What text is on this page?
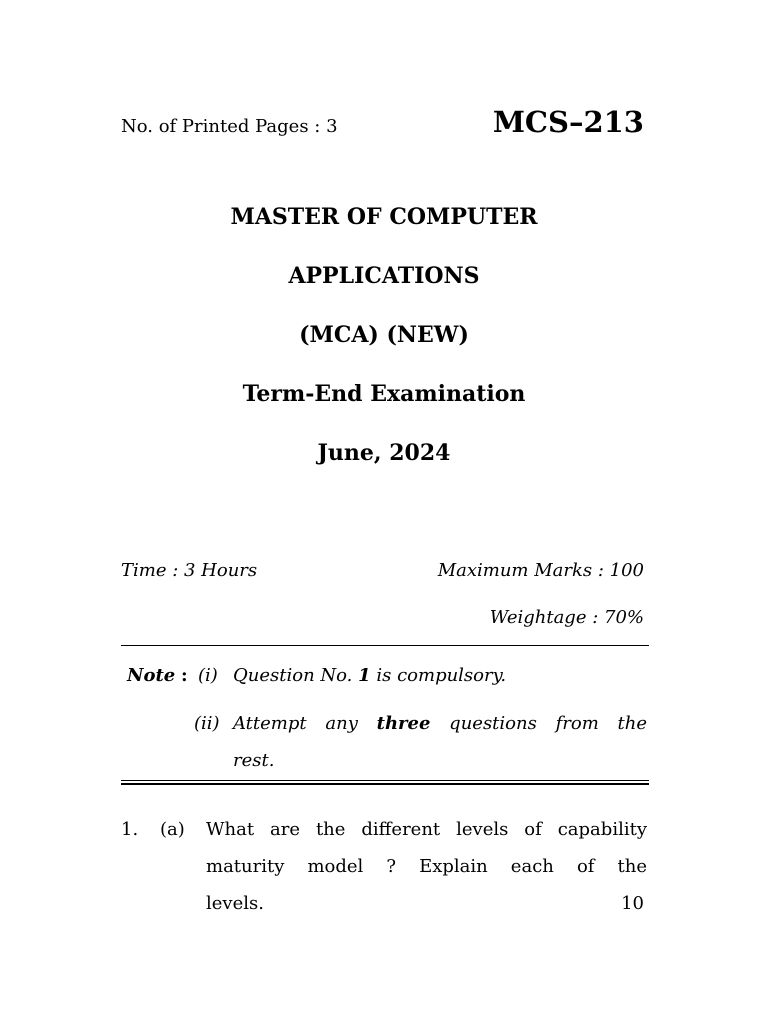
No. of Printed Pages : 3	MCS–213
MASTER OF COMPUTER
APPLICATIONS
(MCA) (NEW)
Term-End Examination
June, 2024
Time : 3 Hours	Maximum Marks : 100
Weightage : 70%
Note : (i) Question No. 1 is compulsory.
(ii) Attempt any three questions from the
rest.
1. (a) What are the different levels of capability
maturity model ? Explain each of the
levels.	10
